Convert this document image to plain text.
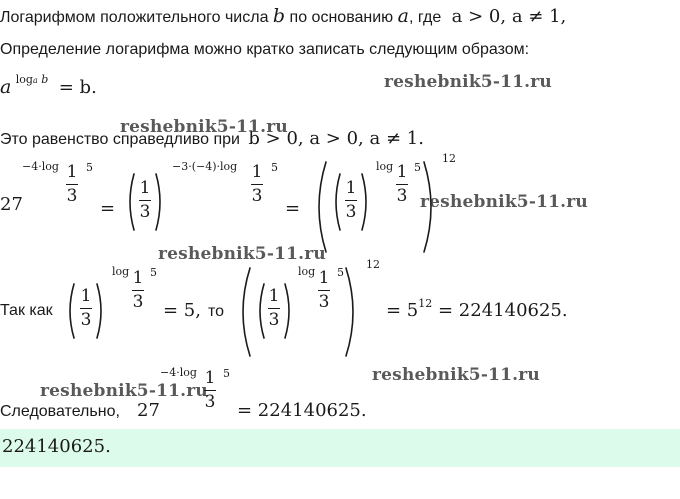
Логарифмом положительного числа b по основанию a, где a > 0, a ≠ 1,
Определение логарифма можно кратко записать следующим образом:
a $^{loga b}$ = b.
Это равенство справедливо при b > 0, a > 0, a ≠ 1.
27
−4·log 1
3
5
=
1
3
−3·(−4)·log 1
3
5
=
1
3
log 1
3
5
12
Так как
1
3
log 1
3
5
= 5, то
1
3
log 1
3
5
12
= $5^{12} = 224140625$.
Следовательно, 27
−4·log 1
3
5
= 224140625.
224140625.
reshebnik5-11.ru
reshebnik5-11.ru
reshebnik5-11.ru
reshebnik5-11.ru
reshebnik5-11.ru
reshebnik5-11.ru
